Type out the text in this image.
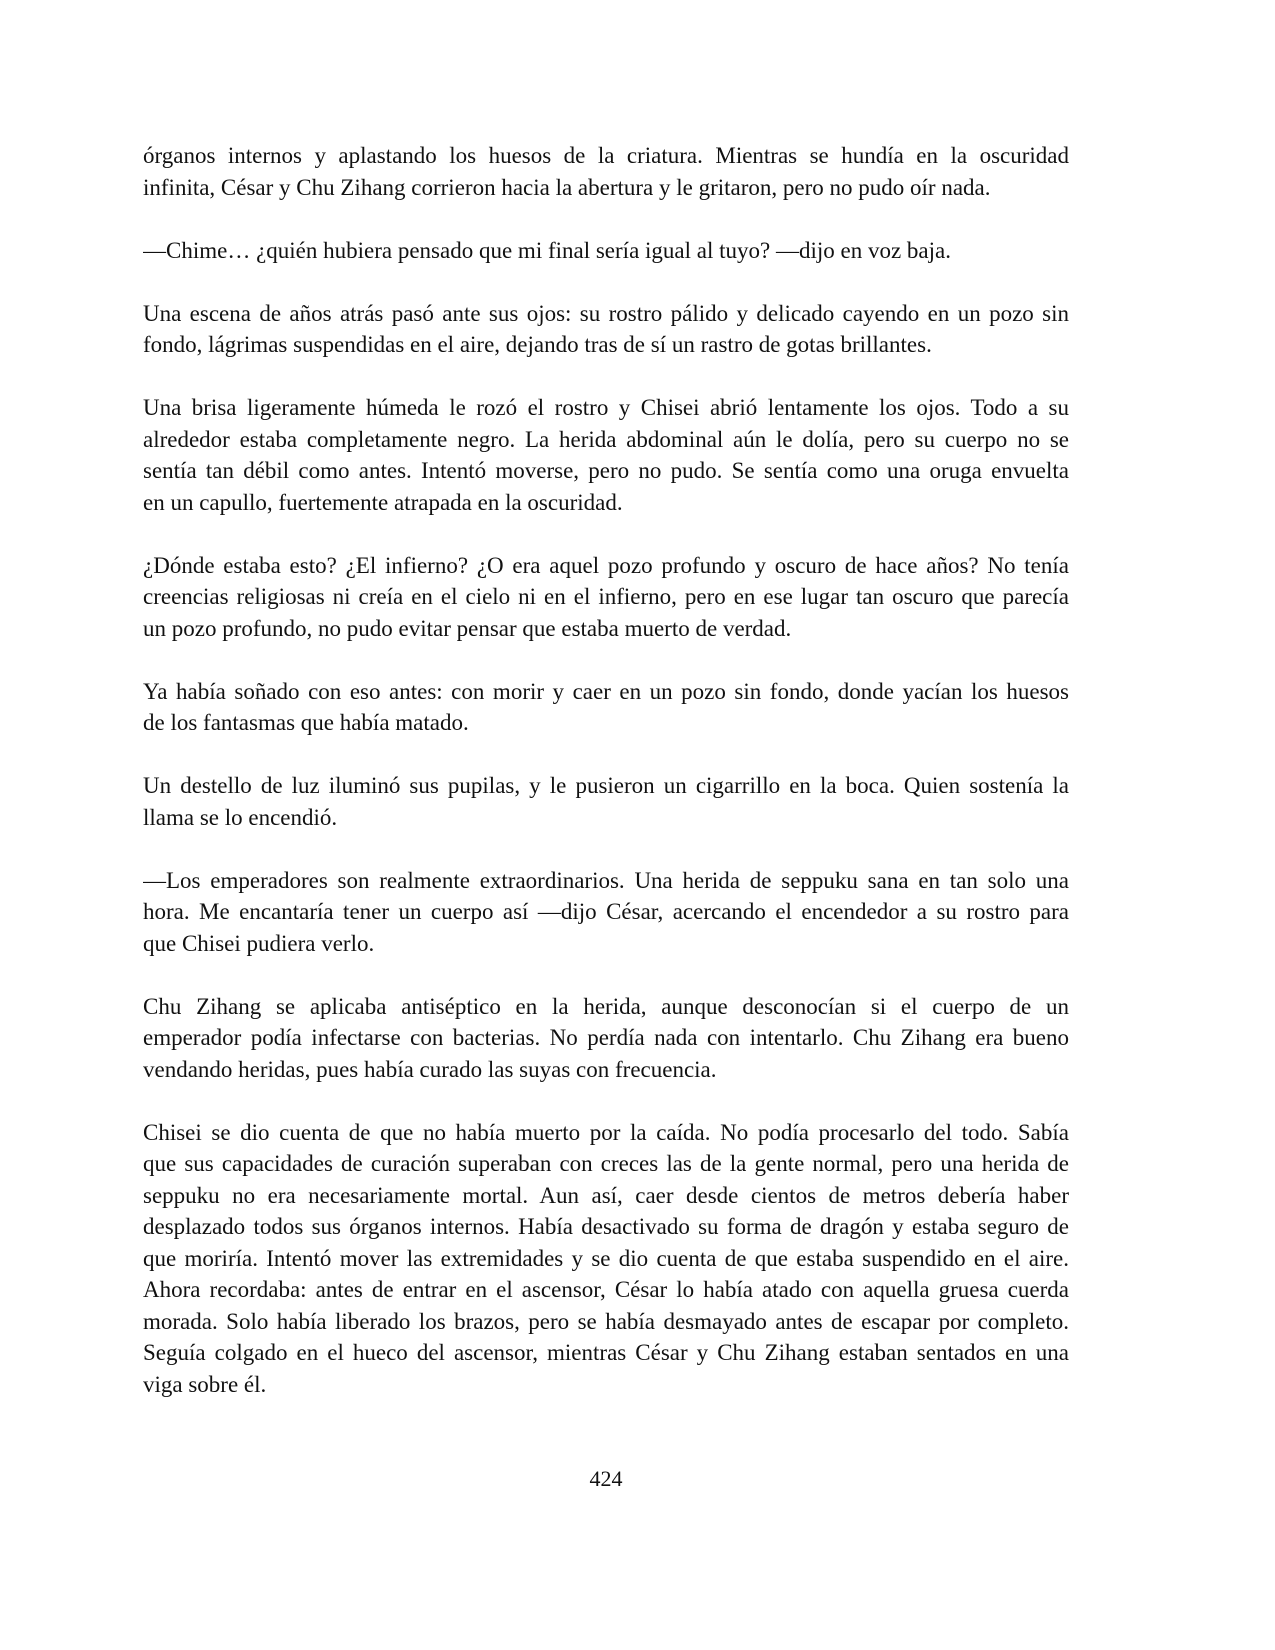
órganos internos y aplastando los huesos de la criatura. Mientras se hundía en la oscuridad
infinita, César y Chu Zihang corrieron hacia la abertura y le gritaron, pero no pudo oír nada.
—Chime… ¿quién hubiera pensado que mi final sería igual al tuyo? —dijo en voz baja.
Una escena de años atrás pasó ante sus ojos: su rostro pálido y delicado cayendo en un pozo sin
fondo, lágrimas suspendidas en el aire, dejando tras de sí un rastro de gotas brillantes.
Una brisa ligeramente húmeda le rozó el rostro y Chisei abrió lentamente los ojos. Todo a su
alrededor estaba completamente negro. La herida abdominal aún le dolía, pero su cuerpo no se
sentía tan débil como antes. Intentó moverse, pero no pudo. Se sentía como una oruga envuelta
en un capullo, fuertemente atrapada en la oscuridad.
¿Dónde estaba esto? ¿El infierno? ¿O era aquel pozo profundo y oscuro de hace años? No tenía
creencias religiosas ni creía en el cielo ni en el infierno, pero en ese lugar tan oscuro que parecía
un pozo profundo, no pudo evitar pensar que estaba muerto de verdad.
Ya había soñado con eso antes: con morir y caer en un pozo sin fondo, donde yacían los huesos
de los fantasmas que había matado.
Un destello de luz iluminó sus pupilas, y le pusieron un cigarrillo en la boca. Quien sostenía la
llama se lo encendió.
—Los emperadores son realmente extraordinarios. Una herida de seppuku sana en tan solo una
hora. Me encantaría tener un cuerpo así —dijo César, acercando el encendedor a su rostro para
que Chisei pudiera verlo.
Chu Zihang se aplicaba antiséptico en la herida, aunque desconocían si el cuerpo de un
emperador podía infectarse con bacterias. No perdía nada con intentarlo. Chu Zihang era bueno
vendando heridas, pues había curado las suyas con frecuencia.
Chisei se dio cuenta de que no había muerto por la caída. No podía procesarlo del todo. Sabía
que sus capacidades de curación superaban con creces las de la gente normal, pero una herida de
seppuku no era necesariamente mortal. Aun así, caer desde cientos de metros debería haber
desplazado todos sus órganos internos. Había desactivado su forma de dragón y estaba seguro de
que moriría. Intentó mover las extremidades y se dio cuenta de que estaba suspendido en el aire.
Ahora recordaba: antes de entrar en el ascensor, César lo había atado con aquella gruesa cuerda
morada. Solo había liberado los brazos, pero se había desmayado antes de escapar por completo.
Seguía colgado en el hueco del ascensor, mientras César y Chu Zihang estaban sentados en una
viga sobre él.
424
